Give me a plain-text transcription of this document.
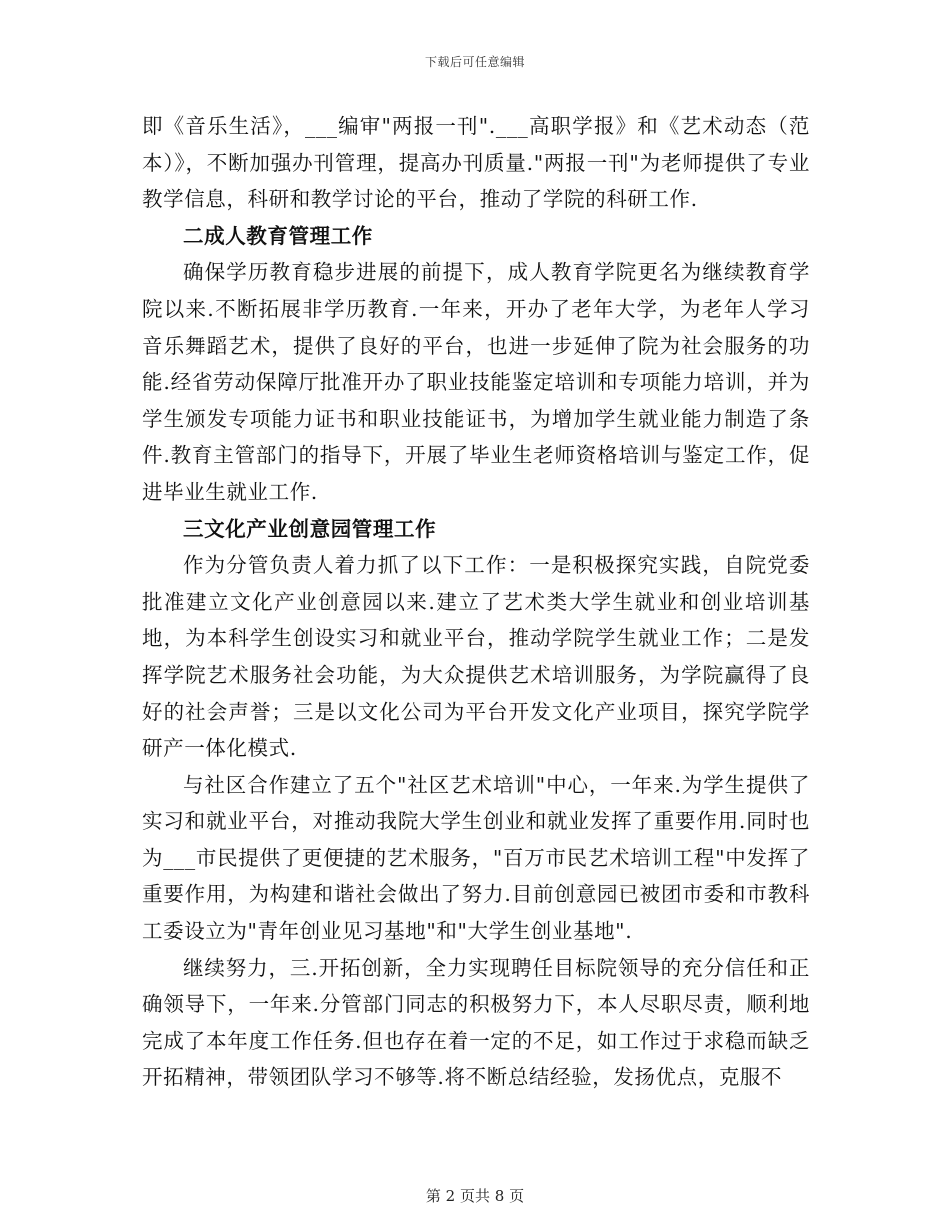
下载后可任意编辑

即《音乐生活》，___编审"两报一刊".___高职学报》和《艺术动态（范本）》，不断加强办刊管理，提高办刊质量."两报一刊"为老师提供了专业教学信息，科研和教学讨论的平台，推动了学院的科研工作.

二成人教育管理工作

确保学历教育稳步进展的前提下，成人教育学院更名为继续教育学院以来.不断拓展非学历教育.一年来，开办了老年大学，为老年人学习音乐舞蹈艺术，提供了良好的平台，也进一步延伸了院为社会服务的功能.经省劳动保障厅批准开办了职业技能鉴定培训和专项能力培训，并为学生颁发专项能力证书和职业技能证书，为增加学生就业能力制造了条件.教育主管部门的指导下，开展了毕业生老师资格培训与鉴定工作，促进毕业生就业工作.

三文化产业创意园管理工作

作为分管负责人着力抓了以下工作：一是积极探究实践，自院党委批准建立文化产业创意园以来.建立了艺术类大学生就业和创业培训基地，为本科学生创设实习和就业平台，推动学院学生就业工作；二是发挥学院艺术服务社会功能，为大众提供艺术培训服务，为学院赢得了良好的社会声誉；三是以文化公司为平台开发文化产业项目，探究学院学研产一体化模式.

与社区合作建立了五个"社区艺术培训"中心，一年来.为学生提供了实习和就业平台，对推动我院大学生创业和就业发挥了重要作用.同时也为___市民提供了更便捷的艺术服务，"百万市民艺术培训工程"中发挥了重要作用，为构建和谐社会做出了努力.目前创意园已被团市委和市教科工委设立为"青年创业见习基地"和"大学生创业基地".

继续努力，三.开拓创新，全力实现聘任目标院领导的充分信任和正确领导下，一年来.分管部门同志的积极努力下，本人尽职尽责，顺利地完成了本年度工作任务.但也存在着一定的不足，如工作过于求稳而缺乏开拓精神，带领团队学习不够等.将不断总结经验，发扬优点，克服不

第 2 页共 8 页
